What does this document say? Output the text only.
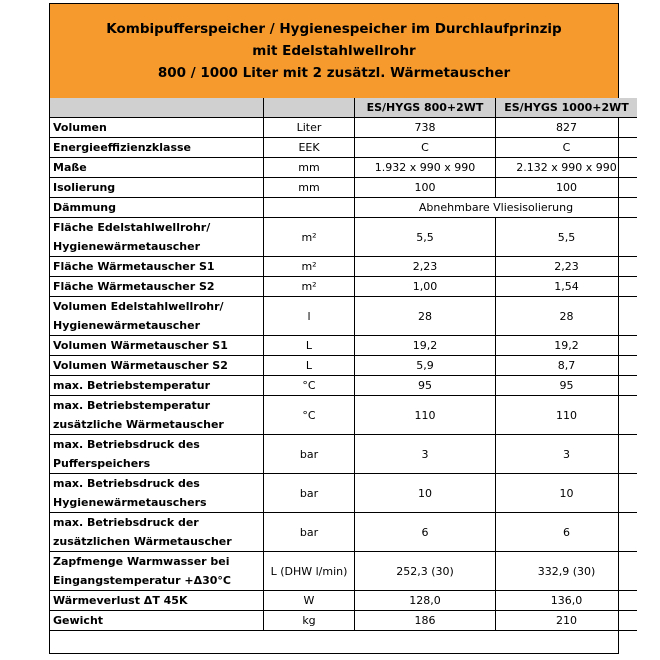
Kombipufferspeicher / Hygienespeicher im Durchlaufprinzip
mit Edelstahlwellrohr
800 / 1000 Liter mit 2 zusätzl. Wärmetauscher
		ES/HYGS 800+2WT	ES/HYGS 1000+2WT
Volumen	Liter	738	827
Energieeffizienzklasse	EEK	C	C
Maße	mm	1.932 x 990 x 990	2.132 x 990 x 990
Isolierung	mm	100	100
Dämmung		Abnehmbare Vliesisolierung	
Fläche Edelstahlwellrohr/ Hygienewärmetauscher	m²	5,5	5,5
Fläche Wärmetauscher S1	m²	2,23	2,23
Fläche Wärmetauscher S2	m²	1,00	1,54
Volumen Edelstahlwellrohr/ Hygienewärmetauscher	l	28	28
Volumen Wärmetauscher S1	L	19,2	19,2
Volumen Wärmetauscher S2	L	5,9	8,7
max. Betriebstemperatur	°C	95	95
max. Betriebstemperatur zusätzliche Wärmetauscher	°C	110	110
max. Betriebsdruck des Pufferspeichers	bar	3	3
max. Betriebsdruck des Hygienewärmetauschers	bar	10	10
max. Betriebsdruck der zusätzlichen Wärmetauscher	bar	6	6
Zapfmenge Warmwasser bei Eingangstemperatur +Δ30°C	L (DHW l/min)	252,3 (30)	332,9 (30)
Wärmeverlust ΔT 45K	W	128,0	136,0
Gewicht	kg	186	210
